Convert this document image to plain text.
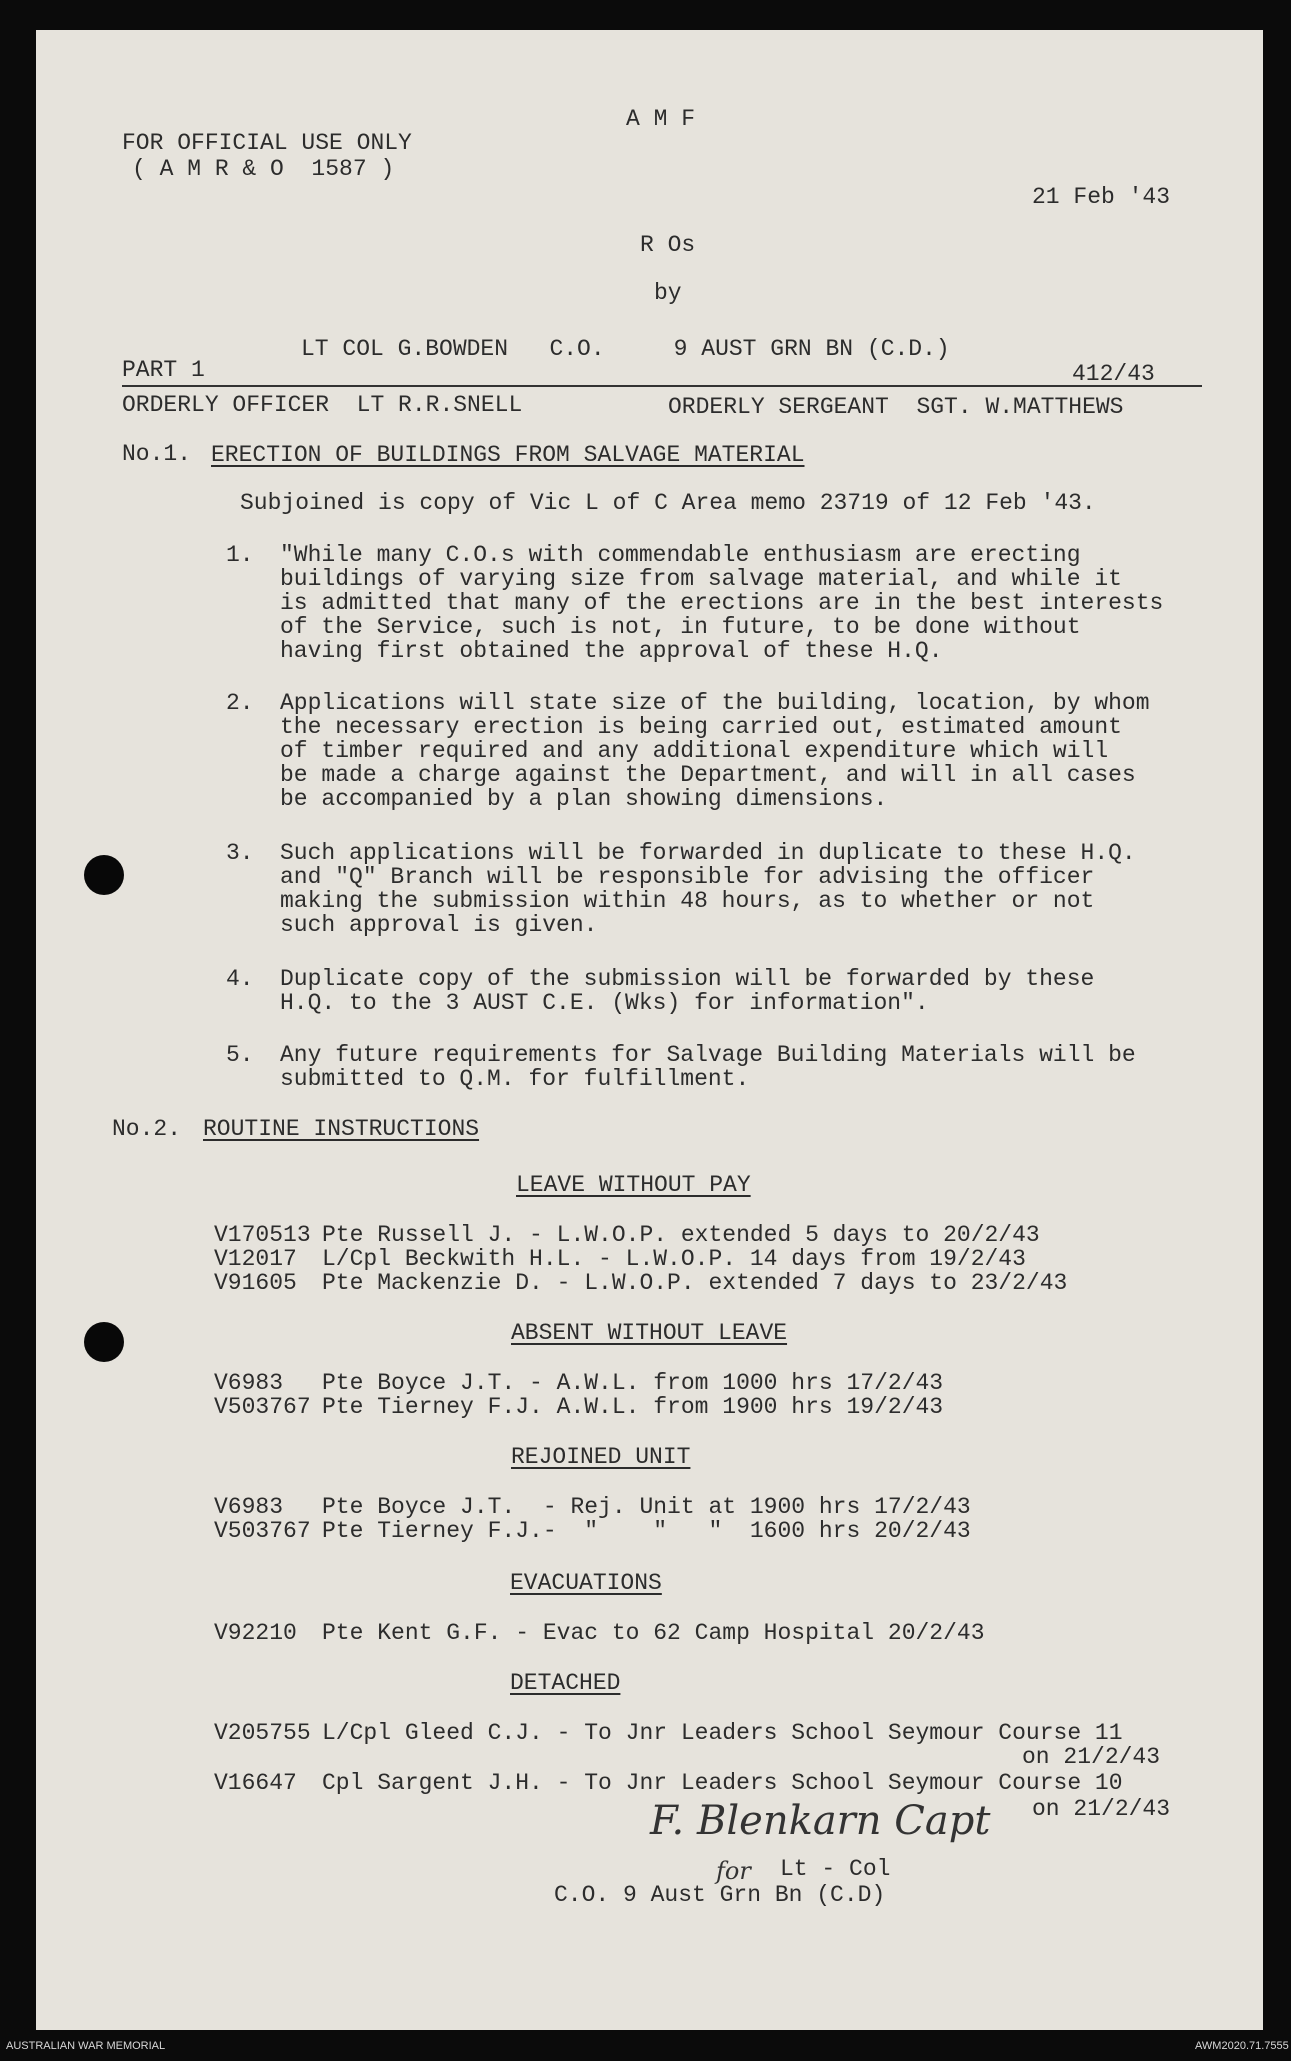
A M F
FOR OFFICIAL USE ONLY
( A M R & O  1587 )
21 Feb '43
R Os
by
LT COL G.BOWDEN   C.O.     9 AUST GRN BN (C.D.)
PART 1	412/43
ORDERLY OFFICER  LT R.R.SNELL	ORDERLY SERGEANT  SGT. W.MATTHEWS
No.1. ERECTION OF BUILDINGS FROM SALVAGE MATERIAL
Subjoined is copy of Vic L of C Area memo 23719 of 12 Feb '43.
1. "While many C.O.s with commendable enthusiasm are erecting
buildings of varying size from salvage material, and while it
is admitted that many of the erections are in the best interests
of the Service, such is not, in future, to be done without
having first obtained the approval of these H.Q.
2. Applications will state size of the building, location, by whom
the necessary erection is being carried out, estimated amount
of timber required and any additional expenditure which will
be made a charge against the Department, and will in all cases
be accompanied by a plan showing dimensions.
3. Such applications will be forwarded in duplicate to these H.Q.
and "Q" Branch will be responsible for advising the officer
making the submission within 48 hours, as to whether or not
such approval is given.
4. Duplicate copy of the submission will be forwarded by these
H.Q. to the 3 AUST C.E. (Wks) for information".
5. Any future requirements for Salvage Building Materials will be
submitted to Q.M. for fulfillment.
No.2. ROUTINE INSTRUCTIONS
LEAVE WITHOUT PAY
V170513 Pte Russell J. - L.W.O.P. extended 5 days to 20/2/43
V12017 L/Cpl Beckwith H.L. - L.W.O.P. 14 days from 19/2/43
V91605 Pte Mackenzie D. - L.W.O.P. extended 7 days to 23/2/43
ABSENT WITHOUT LEAVE
V6983 Pte Boyce J.T. - A.W.L. from 1000 hrs 17/2/43
V503767 Pte Tierney F.J. A.W.L. from 1900 hrs 19/2/43
REJOINED UNIT
V6983 Pte Boyce J.T.  - Rej. Unit at 1900 hrs 17/2/43
V503767 Pte Tierney F.J.-  "    "   "  1600 hrs 20/2/43
EVACUATIONS
V92210 Pte Kent G.F. - Evac to 62 Camp Hospital 20/2/43
DETACHED
V205755 L/Cpl Gleed C.J. - To Jnr Leaders School Seymour Course 11
on 21/2/43
V16647 Cpl Sargent J.H. - To Jnr Leaders School Seymour Course 10
on 21/2/43
F. Blenkarn Capt
for Lt - Col
C.O. 9 Aust Grn Bn (C.D)
AUSTRALIAN WAR MEMORIAL	AWM2020.71.7555
